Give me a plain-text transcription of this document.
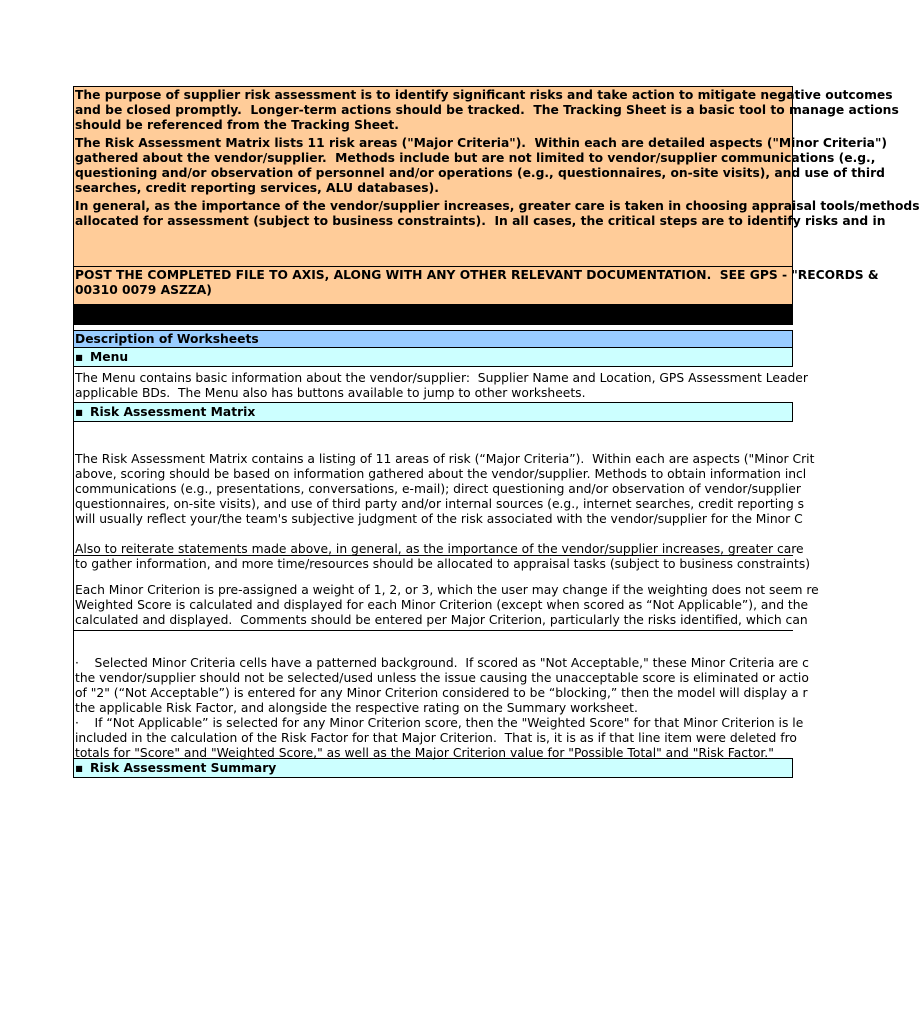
The purpose of supplier risk assessment is to identify significant risks and take action to mitigate negative outcomes
and be closed promptly.  Longer-term actions should be tracked.  The Tracking Sheet is a basic tool to manage actions
should be referenced from the Tracking Sheet.

The Risk Assessment Matrix lists 11 risk areas ("Major Criteria").  Within each are detailed aspects ("Minor Criteria")
gathered about the vendor/supplier.  Methods include but are not limited to vendor/supplier communications (e.g.,
questioning and/or observation of personnel and/or operations (e.g., questionnaires, on-site visits), and use of third
searches, credit reporting services, ALU databases).

In general, as the importance of the vendor/supplier increases, greater care is taken in choosing appraisal tools/methods
allocated for assessment (subject to business constraints).  In all cases, the critical steps are to identify risks and in

POST THE COMPLETED FILE TO AXIS, ALONG WITH ANY OTHER RELEVANT DOCUMENTATION.  SEE GPS - "RECORDS &
00310 0079 ASZZA)
Description of Worksheets
▪ Menu
The Menu contains basic information about the vendor/supplier:  Supplier Name and Location, GPS Assessment Leader
applicable BDs.  The Menu also has buttons available to jump to other worksheets.
▪ Risk Assessment Matrix
The Risk Assessment Matrix contains a listing of 11 areas of risk (“Major Criteria”).  Within each are aspects ("Minor Crit
above, scoring should be based on information gathered about the vendor/supplier. Methods to obtain information incl
communications (e.g., presentations, conversations, e-mail); direct questioning and/or observation of vendor/supplier
questionnaires, on-site visits), and use of third party and/or internal sources (e.g., internet searches, credit reporting s
will usually reflect your/the team's subjective judgment of the risk associated with the vendor/supplier for the Minor C

Also to reiterate statements made above, in general, as the importance of the vendor/supplier increases, greater care
to gather information, and more time/resources should be allocated to appraisal tasks (subject to business constraints)
Each Minor Criterion is pre-assigned a weight of 1, 2, or 3, which the user may change if the weighting does not seem re
Weighted Score is calculated and displayed for each Minor Criterion (except when scored as “Not Applicable”), and the
calculated and displayed.  Comments should be entered per Major Criterion, particularly the risks identified, which can
·    Selected Minor Criteria cells have a patterned background.  If scored as "Not Acceptable," these Minor Criteria are c
the vendor/supplier should not be selected/used unless the issue causing the unacceptable score is eliminated or actio
of "2" (“Not Acceptable”) is entered for any Minor Criterion considered to be “blocking,” then the model will display a r
the applicable Risk Factor, and alongside the respective rating on the Summary worksheet.
·    If “Not Applicable” is selected for any Minor Criterion score, then the "Weighted Score" for that Minor Criterion is le
included in the calculation of the Risk Factor for that Major Criterion.  That is, it is as if that line item were deleted fro
totals for "Score" and "Weighted Score," as well as the Major Criterion value for "Possible Total" and "Risk Factor."
▪ Risk Assessment Summary
